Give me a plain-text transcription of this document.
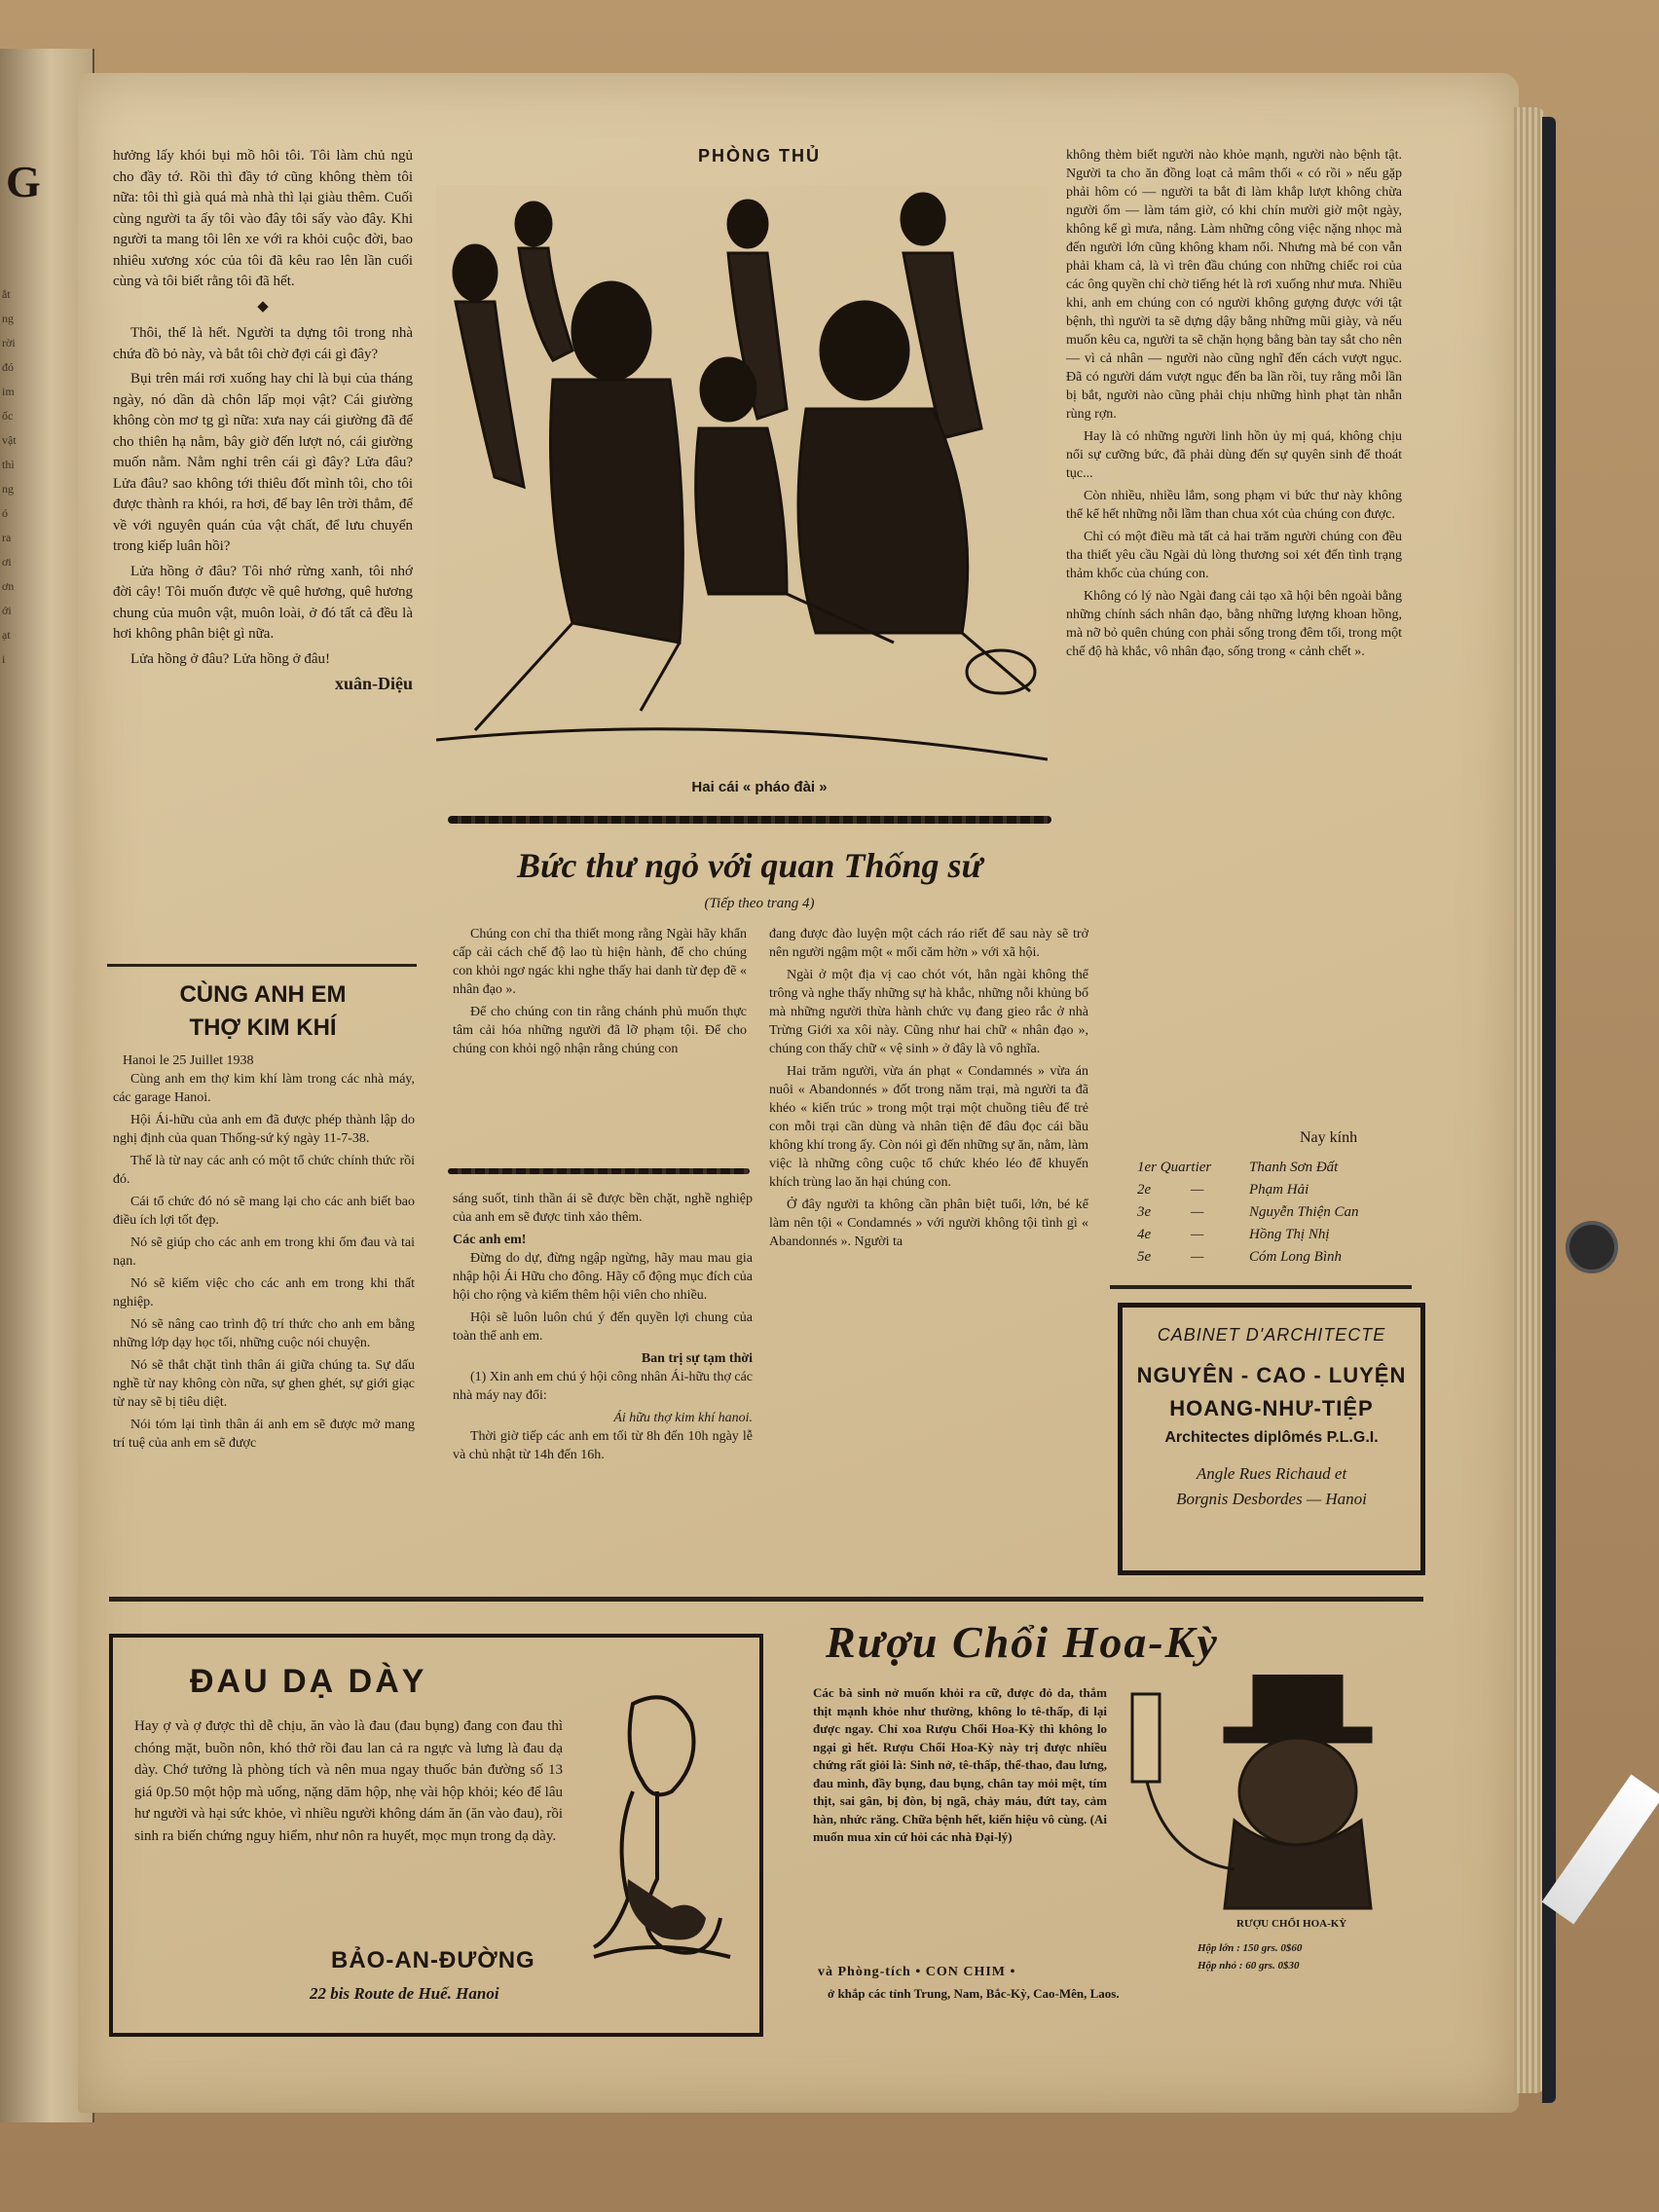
G
ắt
ng
rời
đó
im
ốc
vật
thì
ng
ó
ra
ơi
ơn
ới
ạt
i

hưởng lấy khói bụi mồ hôi tôi. Tôi làm chủ ngủ cho đầy tớ. Rồi thì đầy tớ cũng không thèm tôi nữa: tôi thì già quá mà nhà thì lại giàu thêm. Cuối cùng người ta ấy tôi vào đây tôi sấy vào đây. Khi người ta mang tôi lên xe với ra khỏi cuộc đời, bao nhiêu xương xóc của tôi đã kêu rao lên lần cuối cùng và tôi biết rằng tôi đã hết.

◆

Thôi, thế là hết. Người ta dựng tôi trong nhà chứa đồ bỏ này, và bắt tôi chờ đợi cái gì đây?

Bụi trên mái rơi xuống hay chỉ là bụi của tháng ngày, nó dần dà chôn lấp mọi vật? Cái giường không còn mơ tg gì nữa: xưa nay cái giường đã để cho thiên hạ nằm, bây giờ đến lượt nó, cái giường muốn nằm. Nằm nghỉ trên cái gì đây? Lửa đâu? Lửa đâu? sao không tới thiêu đốt mình tôi, cho tôi được thành ra khói, ra hơi, để bay lên trời thẳm, để về với nguyên quán của vật chất, để lưu chuyển trong kiếp luân hồi?

Lửa hồng ở đâu? Tôi nhớ rừng xanh, tôi nhớ đời cây! Tôi muốn được về quê hương, quê hương chung của muôn vật, muôn loài, ở đó tất cả đều là hơi không phân biệt gì nữa.

Lửa hồng ở đâu? Lửa hồng ở đâu!

xuân-Diệu
CÙNG ANH EM
THỢ KIM KHÍ
Hanoi le 25 Juillet 1938

Cùng anh em thợ kim khí làm trong các nhà máy, các garage Hanoi.

Hội Ái-hữu của anh em đã được phép thành lập do nghị định của quan Thống-sứ ký ngày 11-7-38.

Thế là từ nay các anh có một tổ chức chính thức rồi đó.

Cái tổ chức đó nó sẽ mang lại cho các anh biết bao điều ích lợi tốt đẹp.

Nó sẽ giúp cho các anh em trong khi ốm đau và tai nạn.

Nó sẽ kiếm việc cho các anh em trong khi thất nghiệp.

Nó sẽ nâng cao trình độ trí thức cho anh em bằng những lớp dạy học tối, những cuộc nói chuyện.

Nó sẽ thắt chặt tình thân ái giữa chúng ta. Sự dấu nghề từ nay không còn nữa, sự ghen ghét, sự giới giạc từ nay sẽ bị tiêu diệt.

Nói tóm lại tình thân ái anh em sẽ được mở mang trí tuệ của anh em sẽ được

PHÒNG THỦ
Hai cái « pháo đài »
Bức thư ngỏ với quan Thống sứ
(Tiếp theo trang 4)

Chúng con chỉ tha thiết mong rằng Ngài hãy khẩn cấp cải cách chế độ lao tù hiện hành, để cho chúng con khỏi ngơ ngác khi nghe thấy hai danh từ đẹp đẽ « nhân đạo ».

Để cho chúng con tin rằng chánh phủ muốn thực tâm cải hóa những người đã lỡ phạm tội. Để cho chúng con khỏi ngộ nhận rằng chúng con

sáng suốt, tinh thần ái sẽ được bền chặt, nghề nghiệp của anh em sẽ được tinh xảo thêm.

Các anh em!

Đừng do dự, đừng ngập ngừng, hãy mau mau gia nhập hội Ái Hữu cho đông. Hãy cổ động mục đích của hội cho rộng và kiếm thêm hội viên cho nhiều.

Hội sẽ luôn luôn chú ý đến quyền lợi chung của toàn thể anh em.

Ban trị sự tạm thời

(1) Xin anh em chú ý hội công nhân Ái-hữu thợ các nhà máy nay đổi:

Ái hữu thợ kim khí hanoi.

Thời giờ tiếp các anh em tối từ 8h đến 10h ngày lễ và chủ nhật từ 14h đến 16h.

đang được đào luyện một cách ráo riết để sau này sẽ trở nên người ngậm một « mối căm hờn » với xã hội.

Ngài ở một địa vị cao chót vót, hẳn ngài không thể trông và nghe thấy những sự hà khắc, những nỗi khủng bố mà những người thừa hành chức vụ đang gieo rắc ở nhà Trừng Giới xa xôi này. Cũng như hai chữ « nhân đạo », chúng con thấy chữ « vệ sinh » ở đây là vô nghĩa.

Hai trăm người, vừa án phạt « Condamnés » vừa án nuôi « Abandonnés » đốt trong năm trại, mà người ta đã khéo « kiến trúc » trong một trại một chuồng tiêu để trẻ con mỗi trại cần dùng và nhân tiện để đâu đọc cái bầu không khí trong ấy. Còn nói gì đến những sự ăn, nằm, làm việc là những công cuộc tổ chức khéo léo để khuyến khích trùng lao ăn hại chúng con.

Ở đây người ta không cần phân biệt tuổi, lớn, bé kể làm nên tội « Condamnés » với người không tội tình gì « Abandonnés ». Người ta

không thèm biết người nào khỏe mạnh, người nào bệnh tật. Người ta cho ăn đồng loạt cả mâm thối « có rồi » nếu gặp phải hôm có — người ta bắt đi làm khắp lượt không chừa người ốm — làm tám giờ, có khi chín mười giờ một ngày, không kể gì mưa, nắng. Làm những công việc nặng nhọc mà đến người lớn cũng không kham nổi. Nhưng mà bé con vẫn phải kham cả, là vì trên đầu chúng con những chiếc roi của các ông quyền chỉ chờ tiếng hét là rơi xuống như mưa. Nhiều khi, anh em chúng con có người không gượng được với tật bệnh, thì người ta sẽ dựng dậy bằng những mũi giày, và nếu muốn kêu ca, người ta sẽ chặn họng bằng bàn tay sắt cho nên — vì cả nhân — người nào cũng nghĩ đến cách vượt ngục. Đã có người dám vượt ngục đến ba lần rồi, tuy rằng mỗi lần bị bắt, người nào cũng phải chịu những hình phạt tàn nhẫn rùng rợn.

Hay là có những người linh hồn ủy mị quá, không chịu nổi sự cưỡng bức, đã phải dùng đến sự quyên sinh để thoát tục...

Còn nhiều, nhiều lắm, song phạm vi bức thư này không thể kể hết những nỗi lầm than chua xót của chúng con được.

Chỉ có một điều mà tất cả hai trăm người chúng con đều tha thiết yêu cầu Ngài dủ lòng thương soi xét đến tình trạng thảm khốc của chúng con.

Không có lý nào Ngài đang cải tạo xã hội bên ngoài bằng những chính sách nhân đạo, bằng những lượng khoan hồng, mà nỡ bỏ quên chúng con phải sống trong đêm tối, trong một chế độ hà khắc, vô nhân đạo, sống trong « cảnh chết ».

Nay kính
1er Quartier	Thanh Sơn Đất
2e	—	Phạm Hải
3e	—	Nguyễn Thiện Can
4e	—	Hồng Thị Nhị
5e	—	Cóm Long Bình
CABINET D'ARCHITECTE
NGUYÊN - CAO - LUYỆN
HOANG-NHƯ-TIỆP
Architectes diplômés P.L.G.I.
Angle Rues Richaud et
Borgnis Desbordes — Hanoi
ĐAU DẠ DÀY
Hay ợ và ợ được thì dễ chịu, ăn vào là đau (đau bụng) đang con đau thì chóng mặt, buồn nôn, khó thở rồi đau lan cả ra ngực và lưng là đau dạ dày. Chớ tưởng là phòng tích và nên mua ngay thuốc bản đường số 13 giá 0p.50 một hộp mà uống, nặng dăm hộp, nhẹ vài hộp khỏi; kéo để lâu hư người và hại sức khỏe, vì nhiều người không dám ăn (ăn vào đau), rồi sinh ra biến chứng nguy hiểm, như nôn ra huyết, mọc mụn trong dạ dày.
BẢO-AN-ĐƯỜNG
22 bis Route de Huế. Hanoi
Rượu Chổi Hoa-Kỳ
Các bà sinh nở muốn khỏi ra cữ, được đỏ da, thắm thịt mạnh khỏe như thường, không lo tê-thấp, đi lại được ngay. Chỉ xoa Rượu Chổi Hoa-Kỳ thì không lo ngại gì hết. Rượu Chổi Hoa-Kỳ này trị được nhiều chứng rất giỏi là: Sinh nở, tê-thấp, thể-thao, đau lưng, đau mình, đầy bụng, đau bụng, chân tay mỏi mệt, tím thịt, sai gân, bị đòn, bị ngã, chảy máu, đứt tay, cảm hàn, nhức răng. Chữa bệnh hết, kiến hiệu vô cùng. (Ai muốn mua xin cứ hỏi các nhà Đại-lý)
và Phòng-tích • CON CHIM •
ở khắp các tỉnh Trung, Nam, Bắc-Kỳ, Cao-Mên, Laos.
RƯỢU CHỔI HOA-KỲ
Hộp lớn : 150 grs. 0$60
Hộp nhỏ : 60 grs. 0$30
